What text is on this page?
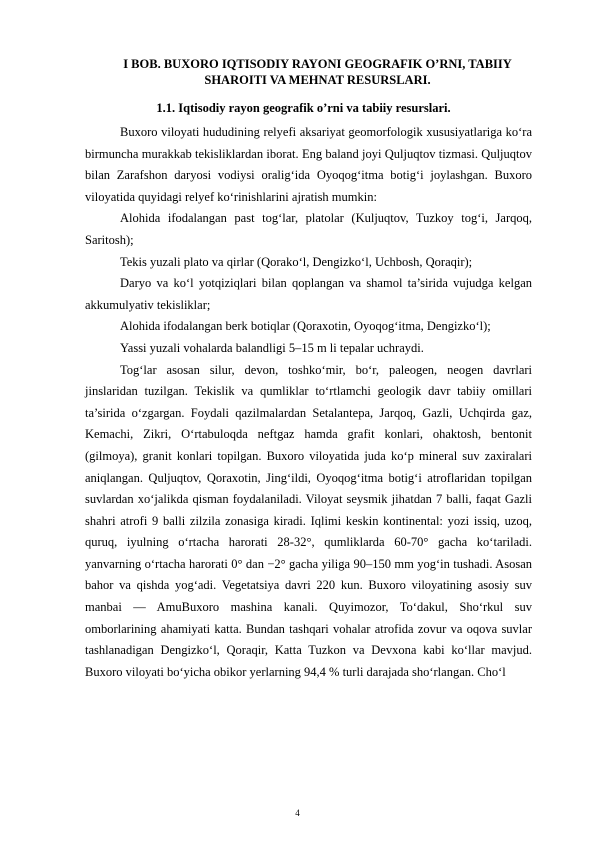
I BOB. BUXORO IQTISODIY RAYONI GEOGRAFIK O’RNI, TABIIY SHAROITI VA MEHNAT RESURSLARI.

1.1. Iqtisodiy rayon geografik o’rni va tabiiy resurslari.

Buxoro viloyati hududining relyefi aksariyat geomorfologik xususiyatlariga ko‘ra birmuncha murakkab tekisliklardan iborat. Eng baland joyi Quljuqtov tizmasi. Quljuqtov bilan Zarafshon daryosi vodiysi oralig‘ida Oyoqog‘itma botig‘i joylashgan. Buxoro viloyatida quyidagi relyef ko‘rinishlarini ajratish mumkin:

Alohida ifodalangan past tog‘lar, platolar (Kuljuqtov, Tuzkoy tog‘i, Jarqoq, Saritosh);

Tekis yuzali plato va qirlar (Qorako‘l, Dengizko‘l, Uchbosh, Qoraqir);

Daryo va ko‘l yotqiziqlari bilan qoplangan va shamol ta’sirida vujudga kelgan akkumulyativ tekisliklar;

Alohida ifodalangan berk botiqlar (Qoraxotin, Oyoqog‘itma, Dengizko‘l);

Yassi yuzali vohalarda balandligi 5–15 m li tepalar uchraydi.

Tog‘lar asosan silur, devon, toshko‘mir, bo‘r, paleogen, neogen davrlari jinslaridan tuzilgan. Tekislik va qumliklar to‘rtlamchi geologik davr tabiiy omillari ta’sirida o‘zgargan. Foydali qazilmalardan Setalantepa, Jarqoq, Gazli, Uchqirda gaz, Kemachi, Zikri, O‘rtabuloqda neftgaz hamda grafit konlari, ohaktosh, bentonit (gilmoya), granit konlari topilgan. Buxoro viloyatida juda ko‘p mineral suv zaxiralari aniqlangan. Quljuqtov, Qoraxotin, Jing‘ildi, Oyoqog‘itma botig‘i atroflaridan topilgan suvlardan xo‘jalikda qisman foydalaniladi. Viloyat seysmik jihatdan 7 balli, faqat Gazli shahri atrofi 9 balli zilzila zonasiga kiradi. Iqlimi keskin kontinental: yozi issiq, uzoq, quruq, iyulning o‘rtacha harorati 28-32°, qumliklarda 60-70° gacha ko‘tariladi. yanvarning o‘rtacha harorati 0° dan −2° gacha yiliga 90–150 mm yog‘in tushadi. Asosan bahor va qishda yog‘adi. Vegetatsiya davri 220 kun. Buxoro viloyatining asosiy suv manbai — AmuBuxoro mashina kanali. Quyimozor, To‘dakul, Sho‘rkul suv omborlarining ahamiyati katta. Bundan tashqari vohalar atrofida zovur va oqova suvlar tashlanadigan Dengizko‘l, Qoraqir, Katta Tuzkon va Devxona kabi ko‘llar mavjud. Buxoro viloyati bo‘yicha obikor yerlarning 94,4 % turli darajada sho‘rlangan. Cho‘l

4
